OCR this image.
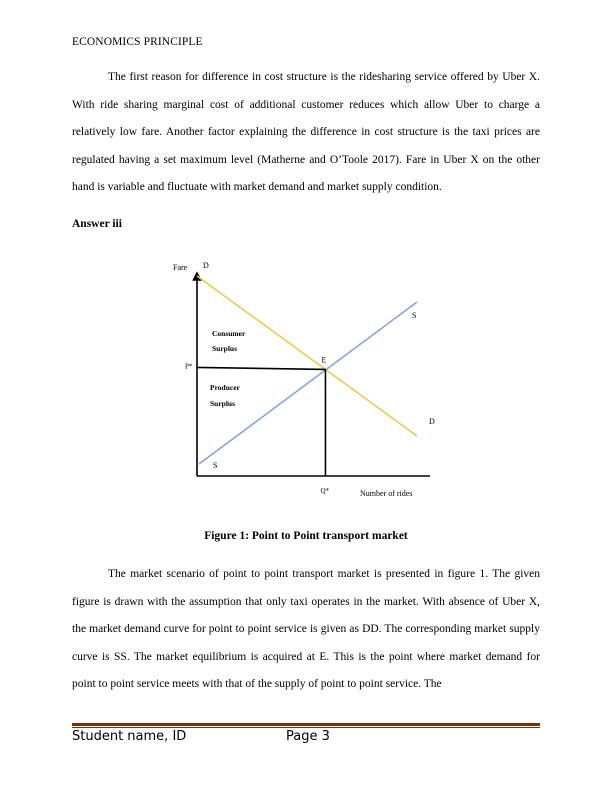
ECONOMICS PRINCIPLE

The first reason for difference in cost structure is the ridesharing service offered by Uber X. With ride sharing marginal cost of additional customer reduces which allow Uber to charge a relatively low fare. Another factor explaining the difference in cost structure is the taxi prices are regulated having a set maximum level (Matherne and O’Toole 2017). Fare in Uber X on the other hand is variable and fluctuate with market demand and market supply condition.

Answer iii
Fare
Number of rides
D
D
S
S
E
P*
Q*
Consumer
Surplus
Producer
Surplus
Figure 1: Point to Point transport market

The market scenario of point to point transport market is presented in figure 1. The given figure is drawn with the assumption that only taxi operates in the market. With absence of Uber X, the market demand curve for point to point service is given as DD. The corresponding market supply curve is SS. The market equilibrium is acquired at E. This is the point where market demand for point to point service meets with that of the supply of point to point service. The

Student name, ID	Page 3
